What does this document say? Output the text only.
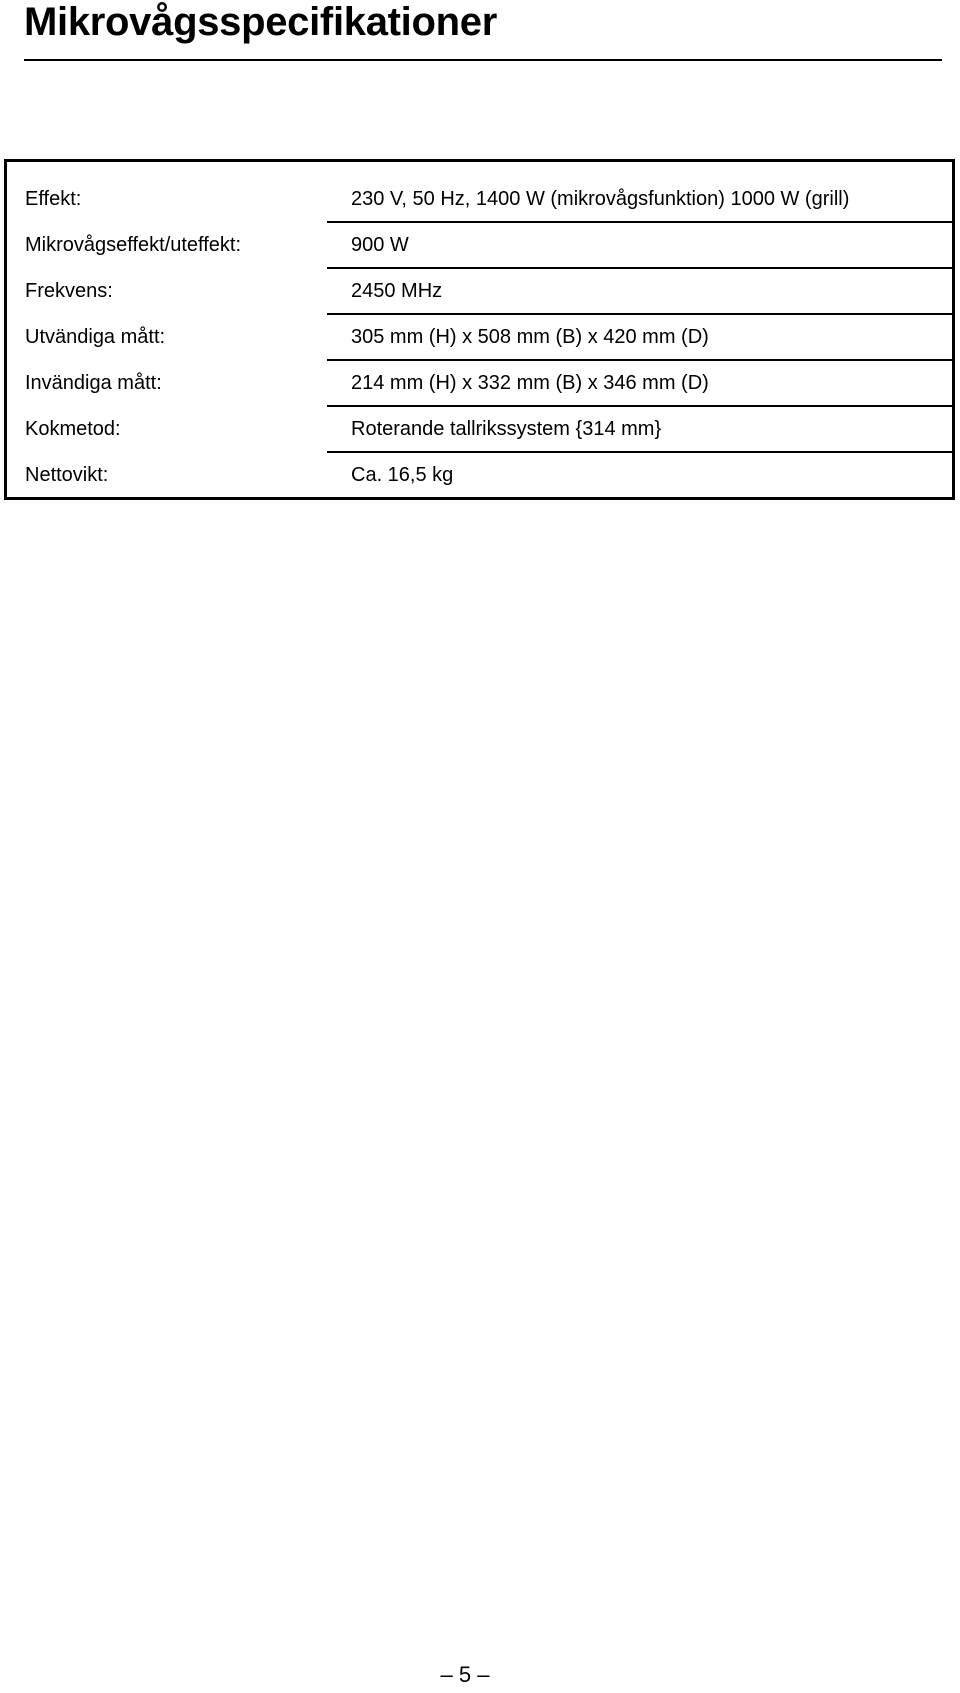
Mikrovågsspecifikationer
Effekt:	230 V, 50 Hz, 1400 W (mikrovågsfunktion) 1000 W (grill)
Mikrovågseffekt/uteffekt:	900 W
Frekvens:	2450 MHz
Utvändiga mått:	305 mm (H) x 508 mm (B) x 420 mm (D)
Invändiga mått:	214 mm (H) x 332 mm (B) x 346 mm (D)
Kokmetod:	Roterande tallrikssystem {314 mm}
Nettovikt:	Ca. 16,5 kg
– 5 –
